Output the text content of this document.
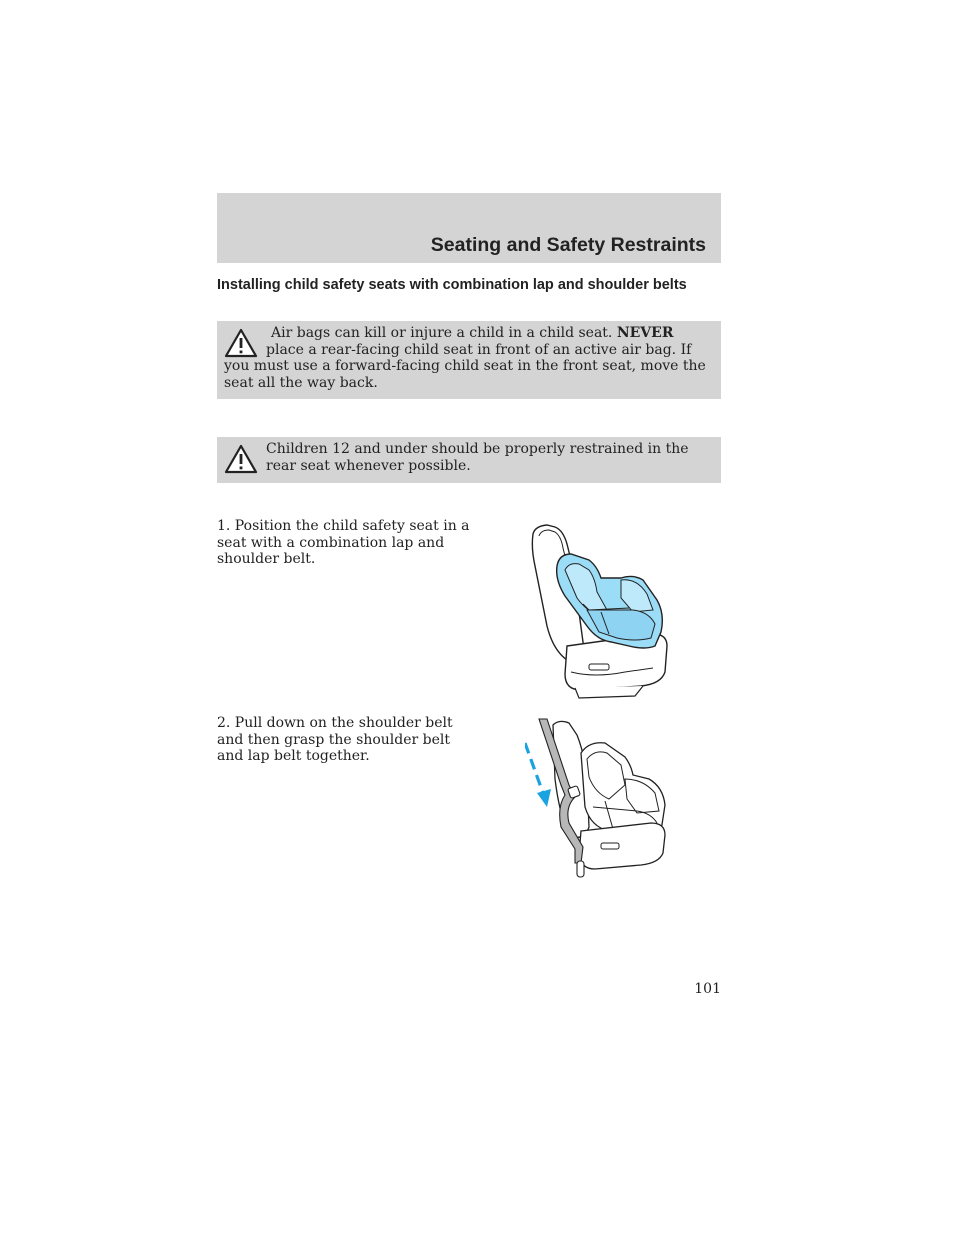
Seating and Safety Restraints
Installing child safety seats with combination lap and shoulder belts
Air bags can kill or injure a child in a child seat. NEVER place a rear-facing child seat in front of an active air bag. If you must use a forward-facing child seat in the front seat, move the seat all the way back.
Children 12 and under should be properly restrained in the rear seat whenever possible.
1. Position the child safety seat in a seat with a combination lap and shoulder belt.
2. Pull down on the shoulder belt and then grasp the shoulder belt and lap belt together.
101
